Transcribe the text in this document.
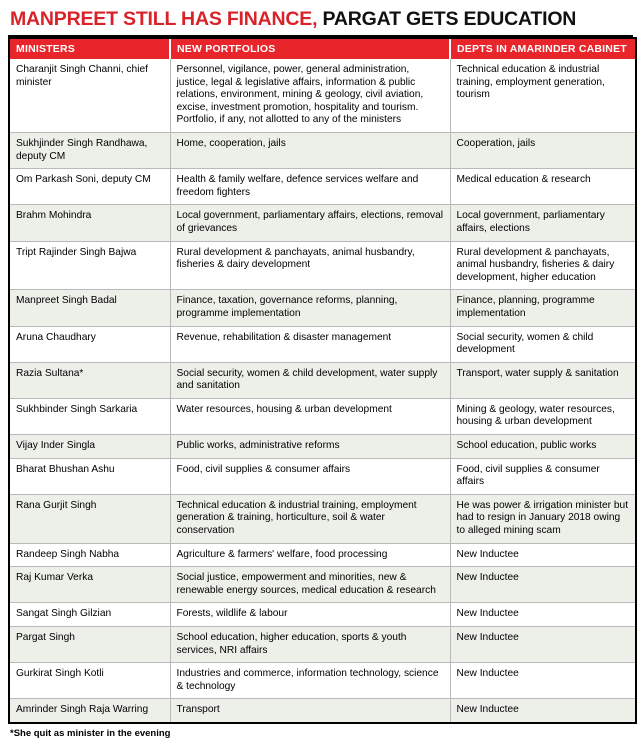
MANPREET STILL HAS FINANCE, PARGAT GETS EDUCATION
MINISTERS	NEW PORTFOLIOS	DEPTS IN AMARINDER CABINET
Charanjit Singh Channi, chief minister	Personnel, vigilance, power, general administration, justice, legal & legislative affairs, information & public relations, environment, mining & geology, civil aviation, excise, investment promotion, hospitality and tourism. Portfolio, if any, not allotted to any of the ministers	Technical education & industrial training, employment generation, tourism
Sukhjinder Singh Randhawa, deputy CM	Home, cooperation, jails	Cooperation, jails
Om Parkash Soni, deputy CM	Health & family welfare, defence services welfare and freedom fighters	Medical education & research
Brahm Mohindra	Local government, parliamentary affairs, elections, removal of grievances	Local government, parliamentary affairs, elections
Tript Rajinder Singh Bajwa	Rural development & panchayats, animal husbandry, fisheries & dairy development	Rural development & panchayats, animal husbandry, fisheries & dairy development, higher education
Manpreet Singh Badal	Finance, taxation, governance reforms, planning, programme implementation	Finance, planning, programme implementation
Aruna Chaudhary	Revenue, rehabilitation & disaster management	Social security, women & child development
Razia Sultana*	Social security, women & child development, water supply and sanitation	Transport, water supply & sanitation
Sukhbinder Singh Sarkaria	Water resources, housing & urban development	Mining & geology, water resources, housing & urban development
Vijay Inder Singla	Public works, administrative reforms	School education, public works
Bharat Bhushan Ashu	Food, civil supplies & consumer affairs	Food, civil supplies & consumer affairs
Rana Gurjit Singh	Technical education & industrial training, employment generation & training, horticulture, soil & water conservation	He was power & irrigation minister but had to resign in January 2018 owing to alleged mining scam
Randeep Singh Nabha	Agriculture & farmers' welfare, food processing	New Inductee
Raj Kumar Verka	Social justice, empowerment and minorities, new & renewable energy sources, medical education & research	New Inductee
Sangat Singh Gilzian	Forests, wildlife & labour	New Inductee
Pargat Singh	School education, higher education, sports & youth services, NRI affairs	New Inductee
Gurkirat Singh Kotli	Industries and commerce, information technology, science & technology	New Inductee
Amrinder Singh Raja Warring	Transport	New Inductee
*She quit as minister in the evening
